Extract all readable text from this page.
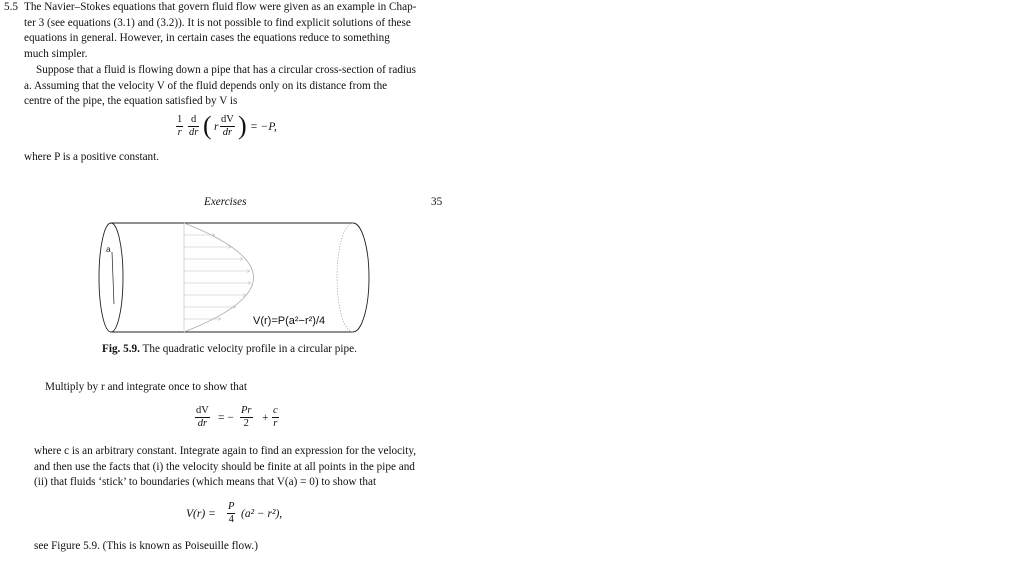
5.5 The Navier–Stokes equations that govern fluid flow were given as an example in Chap-
ter 3 (see equations (3.1) and (3.2)). It is not possible to find explicit solutions of these
equations in general. However, in certain cases the equations reduce to something
much simpler.
Suppose that a fluid is flowing down a pipe that has a circular cross-section of radius
a. Assuming that the velocity V of the fluid depends only on its distance from the
centre of the pipe, the equation satisfied by V is
$\frac{1}{r} \frac{d}{dr}$ ( r $\frac{dV}{dr}$ ) = −P,
where P is a positive constant.
Exercises	35
a
V(r)=P(a²−r²)/4
Fig. 5.9. The quadratic velocity profile in a circular pipe.
Multiply by r and integrate once to show that
$\frac{dV}{dr}$ = − $\frac{Pr}{2} + \frac{c}{r}$
where c is an arbitrary constant. Integrate again to find an expression for the velocity,
and then use the facts that (i) the velocity should be finite at all points in the pipe and
(ii) that fluids ‘stick’ to boundaries (which means that V(a) = 0) to show that
$V(r) = \frac{P}{4} (a^2 - r^2)$,
see Figure 5.9. (This is known as Poiseuille flow.)
